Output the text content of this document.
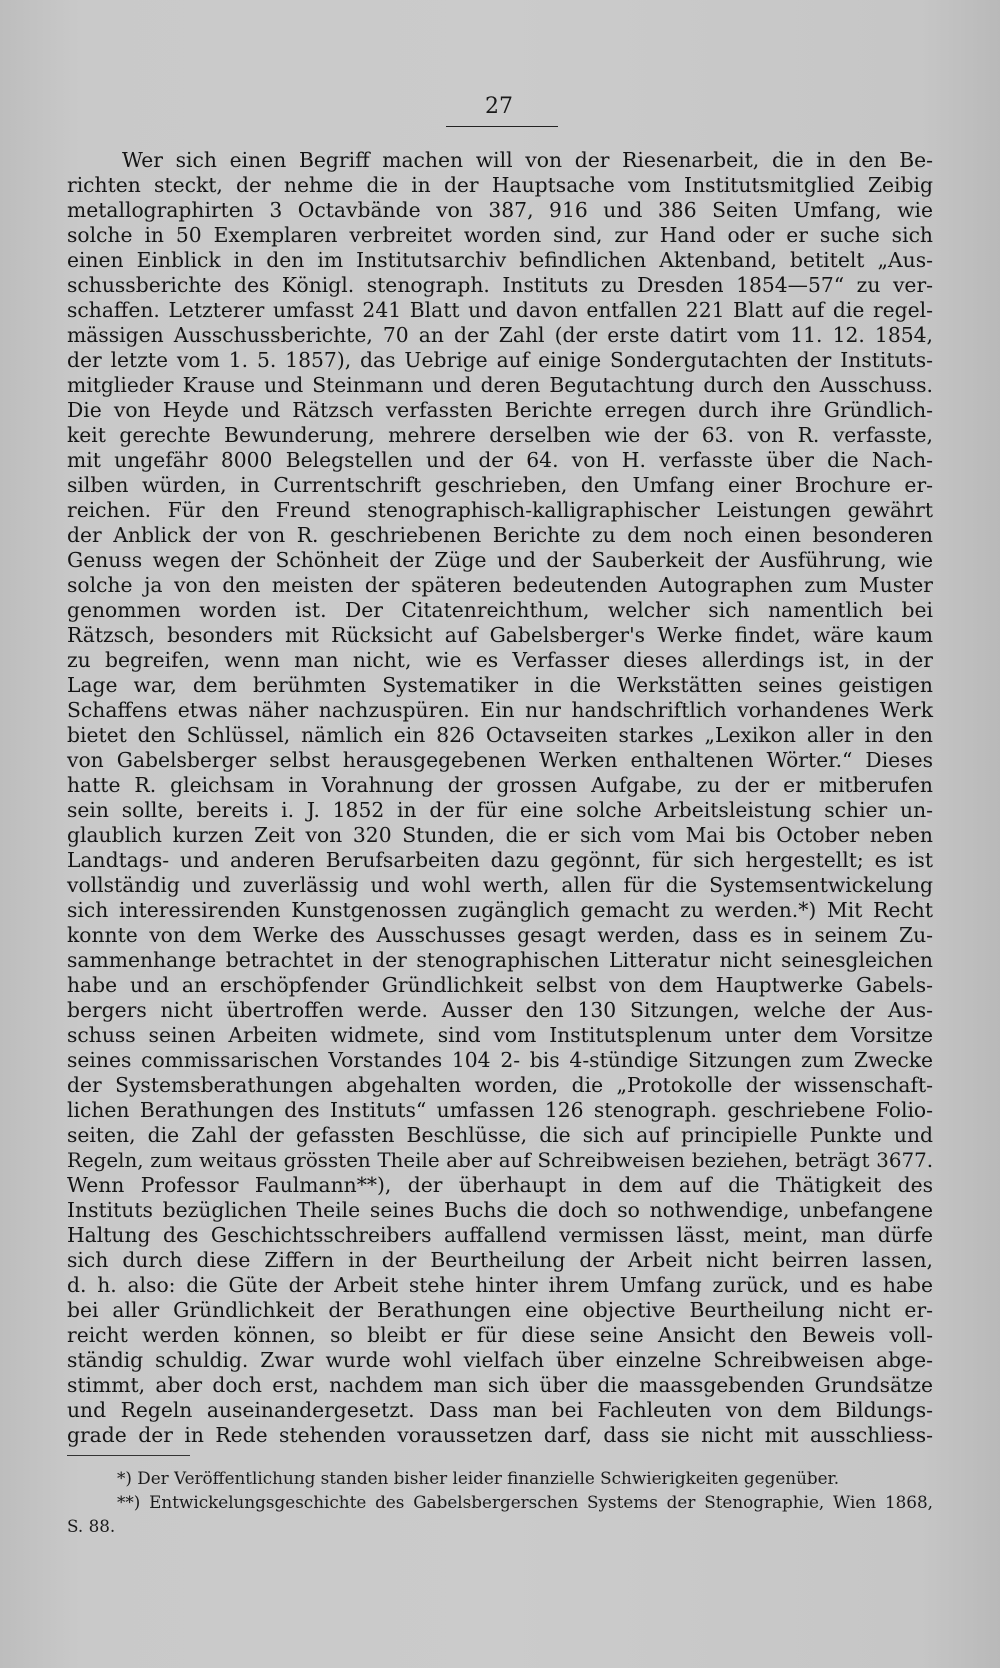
27

Wer sich einen Begriff machen will von der Riesenarbeit, die in den Be-
richten steckt, der nehme die in der Hauptsache vom Institutsmitglied Zeibig
metallographirten 3 Octavbände von 387, 916 und 386 Seiten Umfang, wie
solche in 50 Exemplaren verbreitet worden sind, zur Hand oder er suche sich
einen Einblick in den im Institutsarchiv befindlichen Aktenband, betitelt „Aus-
schussberichte des Königl. stenograph. Instituts zu Dresden 1854—57“ zu ver-
schaffen. Letzterer umfasst 241 Blatt und davon entfallen 221 Blatt auf die regel-
mässigen Ausschussberichte, 70 an der Zahl (der erste datirt vom 11. 12. 1854,
der letzte vom 1. 5. 1857), das Uebrige auf einige Sondergutachten der Instituts-
mitglieder Krause und Steinmann und deren Begutachtung durch den Ausschuss.
Die von Heyde und Rätzsch verfassten Berichte erregen durch ihre Gründlich-
keit gerechte Bewunderung, mehrere derselben wie der 63. von R. verfasste,
mit ungefähr 8000 Belegstellen und der 64. von H. verfasste über die Nach-
silben würden, in Currentschrift geschrieben, den Umfang einer Brochure er-
reichen. Für den Freund stenographisch-kalligraphischer Leistungen gewährt
der Anblick der von R. geschriebenen Berichte zu dem noch einen besonderen
Genuss wegen der Schönheit der Züge und der Sauberkeit der Ausführung, wie
solche ja von den meisten der späteren bedeutenden Autographen zum Muster
genommen worden ist. Der Citatenreichthum, welcher sich namentlich bei
Rätzsch, besonders mit Rücksicht auf Gabelsberger's Werke findet, wäre kaum
zu begreifen, wenn man nicht, wie es Verfasser dieses allerdings ist, in der
Lage war, dem berühmten Systematiker in die Werkstätten seines geistigen
Schaffens etwas näher nachzuspüren. Ein nur handschriftlich vorhandenes Werk
bietet den Schlüssel, nämlich ein 826 Octavseiten starkes „Lexikon aller in den
von Gabelsberger selbst herausgegebenen Werken enthaltenen Wörter.“ Dieses
hatte R. gleichsam in Vorahnung der grossen Aufgabe, zu der er mitberufen
sein sollte, bereits i. J. 1852 in der für eine solche Arbeitsleistung schier un-
glaublich kurzen Zeit von 320 Stunden, die er sich vom Mai bis October neben
Landtags- und anderen Berufsarbeiten dazu gegönnt, für sich hergestellt; es ist
vollständig und zuverlässig und wohl werth, allen für die Systemsentwickelung
sich interessirenden Kunstgenossen zugänglich gemacht zu werden.*) Mit Recht
konnte von dem Werke des Ausschusses gesagt werden, dass es in seinem Zu-
sammenhange betrachtet in der stenographischen Litteratur nicht seinesgleichen
habe und an erschöpfender Gründlichkeit selbst von dem Hauptwerke Gabels-
bergers nicht übertroffen werde. Ausser den 130 Sitzungen, welche der Aus-
schuss seinen Arbeiten widmete, sind vom Institutsplenum unter dem Vorsitze
seines commissarischen Vorstandes 104 2- bis 4-stündige Sitzungen zum Zwecke
der Systemsberathungen abgehalten worden, die „Protokolle der wissenschaft-
lichen Berathungen des Instituts“ umfassen 126 stenograph. geschriebene Folio-
seiten, die Zahl der gefassten Beschlüsse, die sich auf principielle Punkte und
Regeln, zum weitaus grössten Theile aber auf Schreibweisen beziehen, beträgt 3677.
Wenn Professor Faulmann**), der überhaupt in dem auf die Thätigkeit des
Instituts bezüglichen Theile seines Buchs die doch so nothwendige, unbefangene
Haltung des Geschichtsschreibers auffallend vermissen lässt, meint, man dürfe
sich durch diese Ziffern in der Beurtheilung der Arbeit nicht beirren lassen,
d. h. also: die Güte der Arbeit stehe hinter ihrem Umfang zurück, und es habe
bei aller Gründlichkeit der Berathungen eine objective Beurtheilung nicht er-
reicht werden können, so bleibt er für diese seine Ansicht den Beweis voll-
ständig schuldig. Zwar wurde wohl vielfach über einzelne Schreibweisen abge-
stimmt, aber doch erst, nachdem man sich über die maassgebenden Grundsätze
und Regeln auseinandergesetzt. Dass man bei Fachleuten von dem Bildungs-
grade der in Rede stehenden voraussetzen darf, dass sie nicht mit ausschliess-
*) Der Veröffentlichung standen bisher leider finanzielle Schwierigkeiten gegenüber.
**) Entwickelungsgeschichte des Gabelsbergerschen Systems der Stenographie, Wien 1868,
S. 88.
